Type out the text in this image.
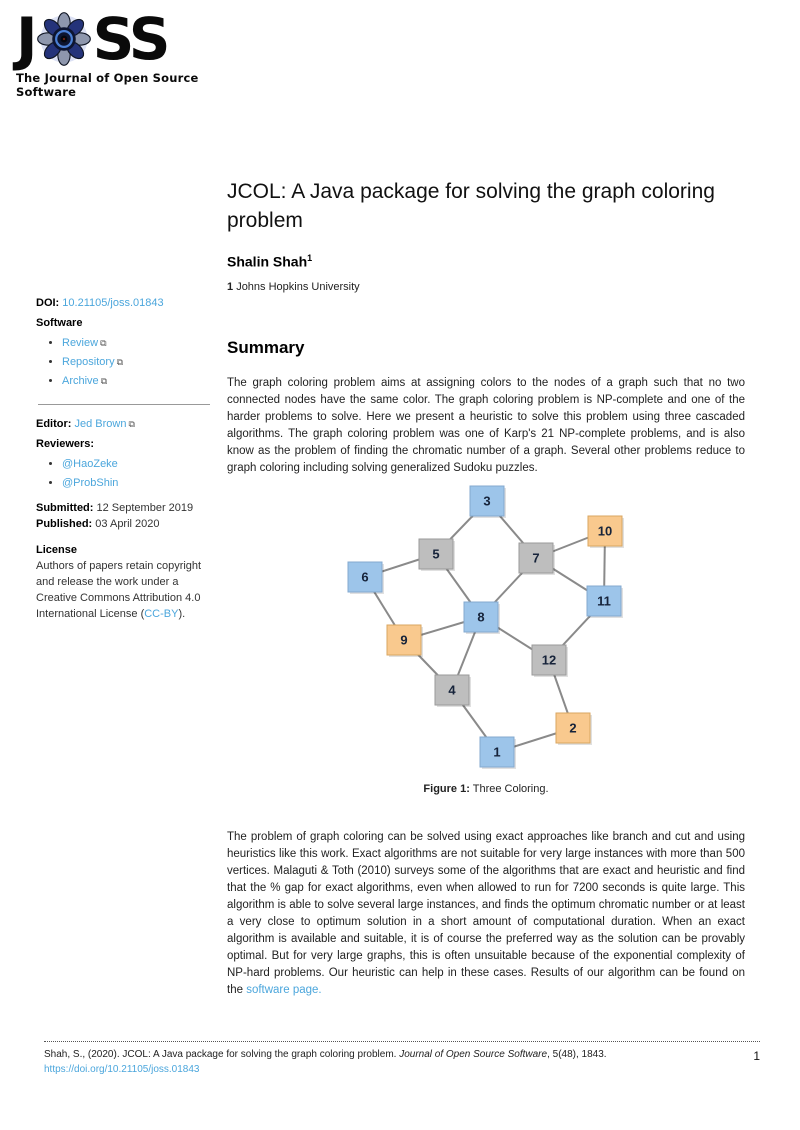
J SS
The Journal of Open Source Software
DOI: 10.21105/joss.01843
Software
• Review ⧉
• Repository ⧉
• Archive ⧉
Editor: Jed Brown ⧉
Reviewers:
• @HaoZeke
• @ProbShin
Submitted: 12 September 2019
Published: 03 April 2020
License
Authors of papers retain copyright and release the work under a Creative Commons Attribution 4.0 International License (CC-BY).
JCOL: A Java package for solving the graph coloring problem
Shalin Shah$^1$
1 Johns Hopkins University
Summary

The graph coloring problem aims at assigning colors to the nodes of a graph such that no two connected nodes have the same color. The graph coloring problem is NP-complete and one of the harder problems to solve. Here we present a heuristic to solve this problem using three cascaded algorithms. The graph coloring problem was one of Karp's 21 NP-complete problems, and is also know as the problem of finding the chromatic number of a graph. Several other problems reduce to graph coloring including solving generalized Sudoku puzzles.

3
10
5	7
6
11
8
9
12
4
2
1
Figure 1: Three Coloring.

The problem of graph coloring can be solved using exact approaches like branch and cut and using heuristics like this work. Exact algorithms are not suitable for very large instances with more than 500 vertices. Malaguti & Toth (2010) surveys some of the algorithms that are exact and heuristic and find that the % gap for exact algorithms, even when allowed to run for 7200 seconds is quite large. This algorithm is able to solve several large instances, and finds the optimum chromatic number or at least a very close to optimum solution in a short amount of computational duration. When an exact algorithm is available and suitable, it is of course the preferred way as the solution can be provably optimal. But for very large graphs, this is often unsuitable because of the exponential complexity of NP-hard problems. Our heuristic can help in these cases. Results of our algorithm can be found on the software page.

Shah, S., (2020). JCOL: A Java package for solving the graph coloring problem. Journal of Open Source Software, 5(48), 1843. https://doi.org/10.21105/joss.01843
1
